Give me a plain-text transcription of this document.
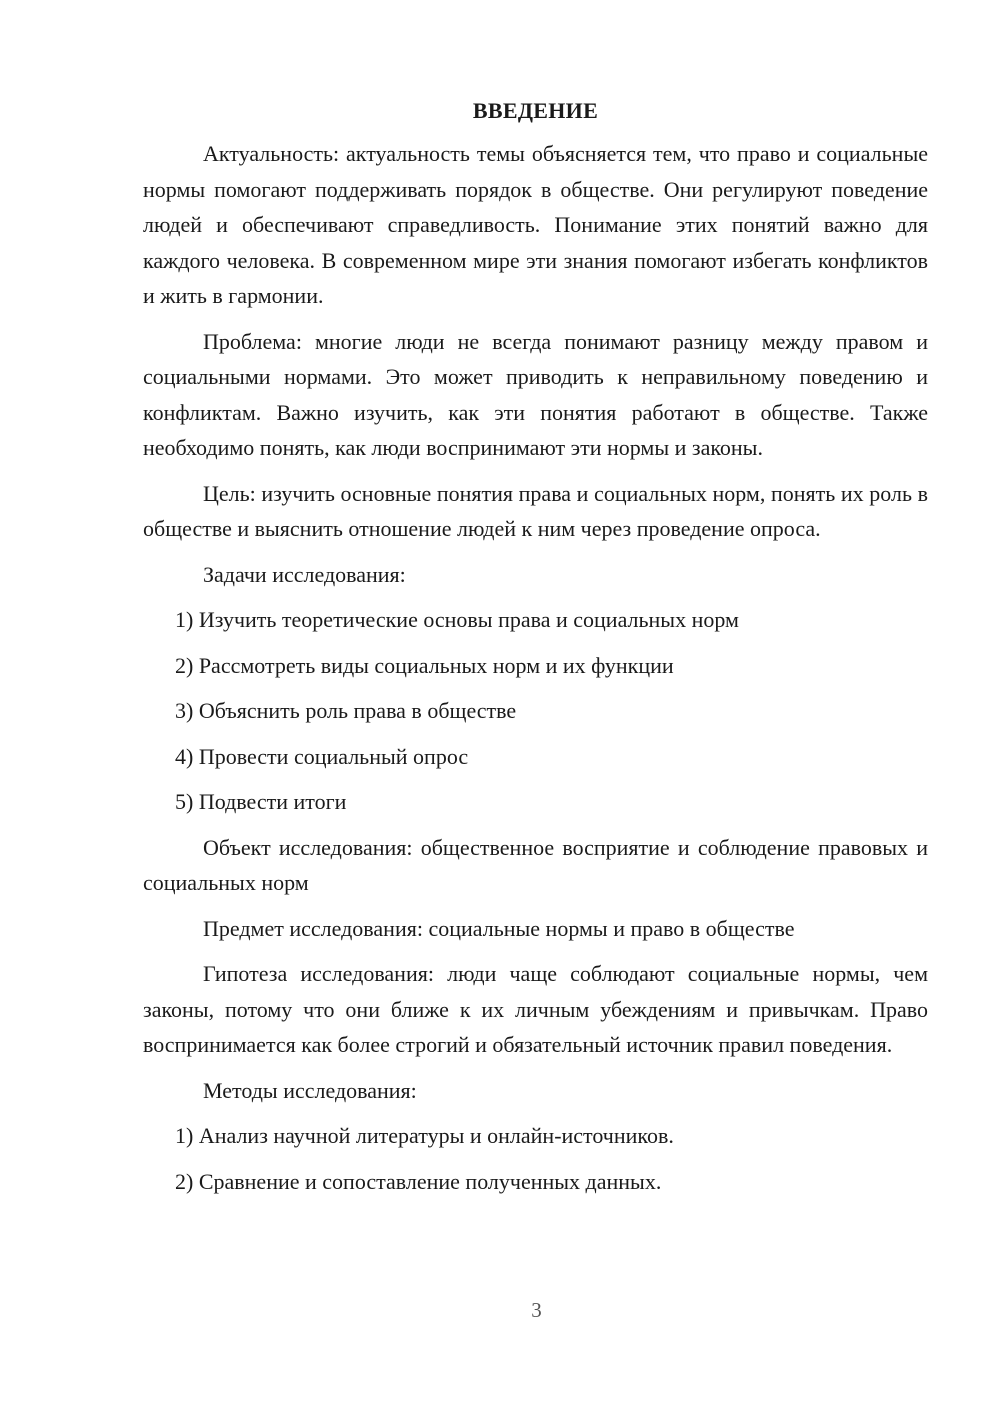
ВВЕДЕНИЕ

Актуальность: актуальность темы объясняется тем, что право и социальные нормы помогают поддерживать порядок в обществе. Они регулируют поведение людей и обеспечивают справедливость. Понимание этих понятий важно для каждого человека. В современном мире эти знания помогают избегать конфликтов и жить в гармонии.

Проблема: многие люди не всегда понимают разницу между правом и социальными нормами. Это может приводить к неправильному поведению и конфликтам. Важно изучить, как эти понятия работают в обществе. Также необходимо понять, как люди воспринимают эти нормы и законы.

Цель: изучить основные понятия права и социальных норм, понять их роль в обществе и выяснить отношение людей к ним через проведение опроса.

Задачи исследования:

1) Изучить теоретические основы права и социальных норм

2) Рассмотреть виды социальных норм и их функции

3) Объяснить роль права в обществе

4) Провести социальный опрос

5) Подвести итоги

Объект исследования: общественное восприятие и соблюдение правовых и социальных норм

Предмет исследования: социальные нормы и право в обществе

Гипотеза исследования: люди чаще соблюдают социальные нормы, чем законы, потому что они ближе к их личным убеждениям и привычкам. Право воспринимается как более строгий и обязательный источник правил поведения.

Методы исследования:

1) Анализ научной литературы и онлайн-источников.

2) Сравнение и сопоставление полученных данных.

3
